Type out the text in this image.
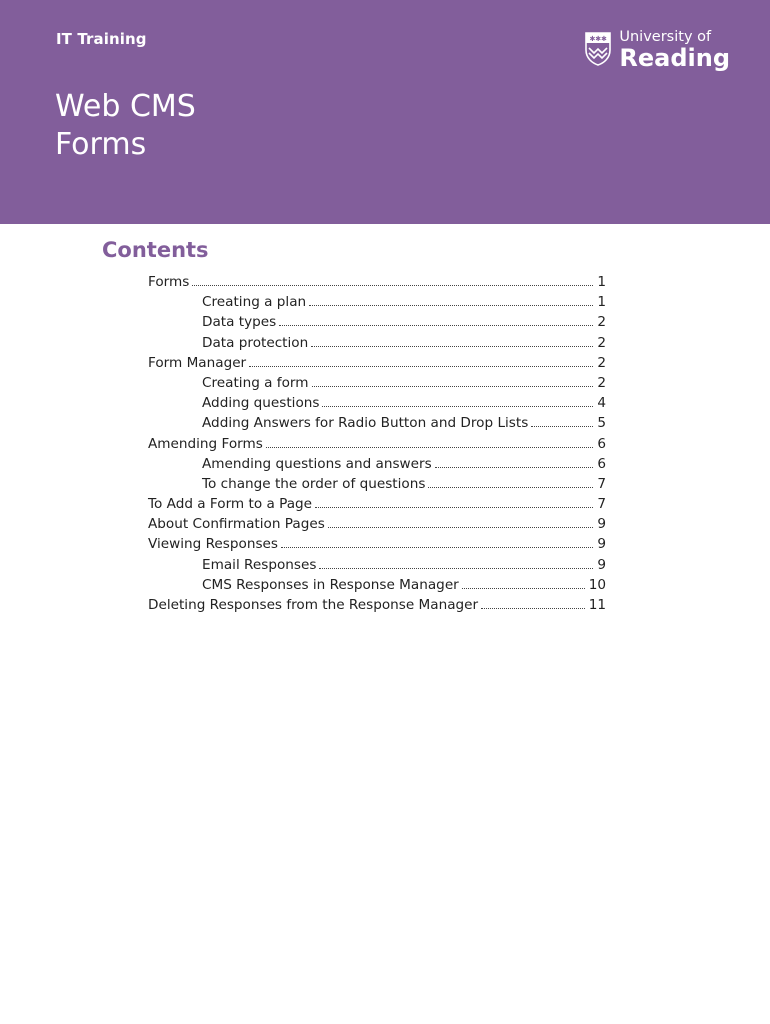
IT Training	✱ ✱ ✱ University of
Reading
Web CMS
Forms
Contents
Forms	1
Creating a plan	1
Data types	2
Data protection	2
Form Manager	2
Creating a form	2
Adding questions	4
Adding Answers for Radio Button and Drop Lists	5
Amending Forms	6
Amending questions and answers	6
To change the order of questions	7
To Add a Form to a Page	7
About Confirmation Pages	9
Viewing Responses	9
Email Responses	9
CMS Responses in Response Manager	10
Deleting Responses from the Response Manager	11
